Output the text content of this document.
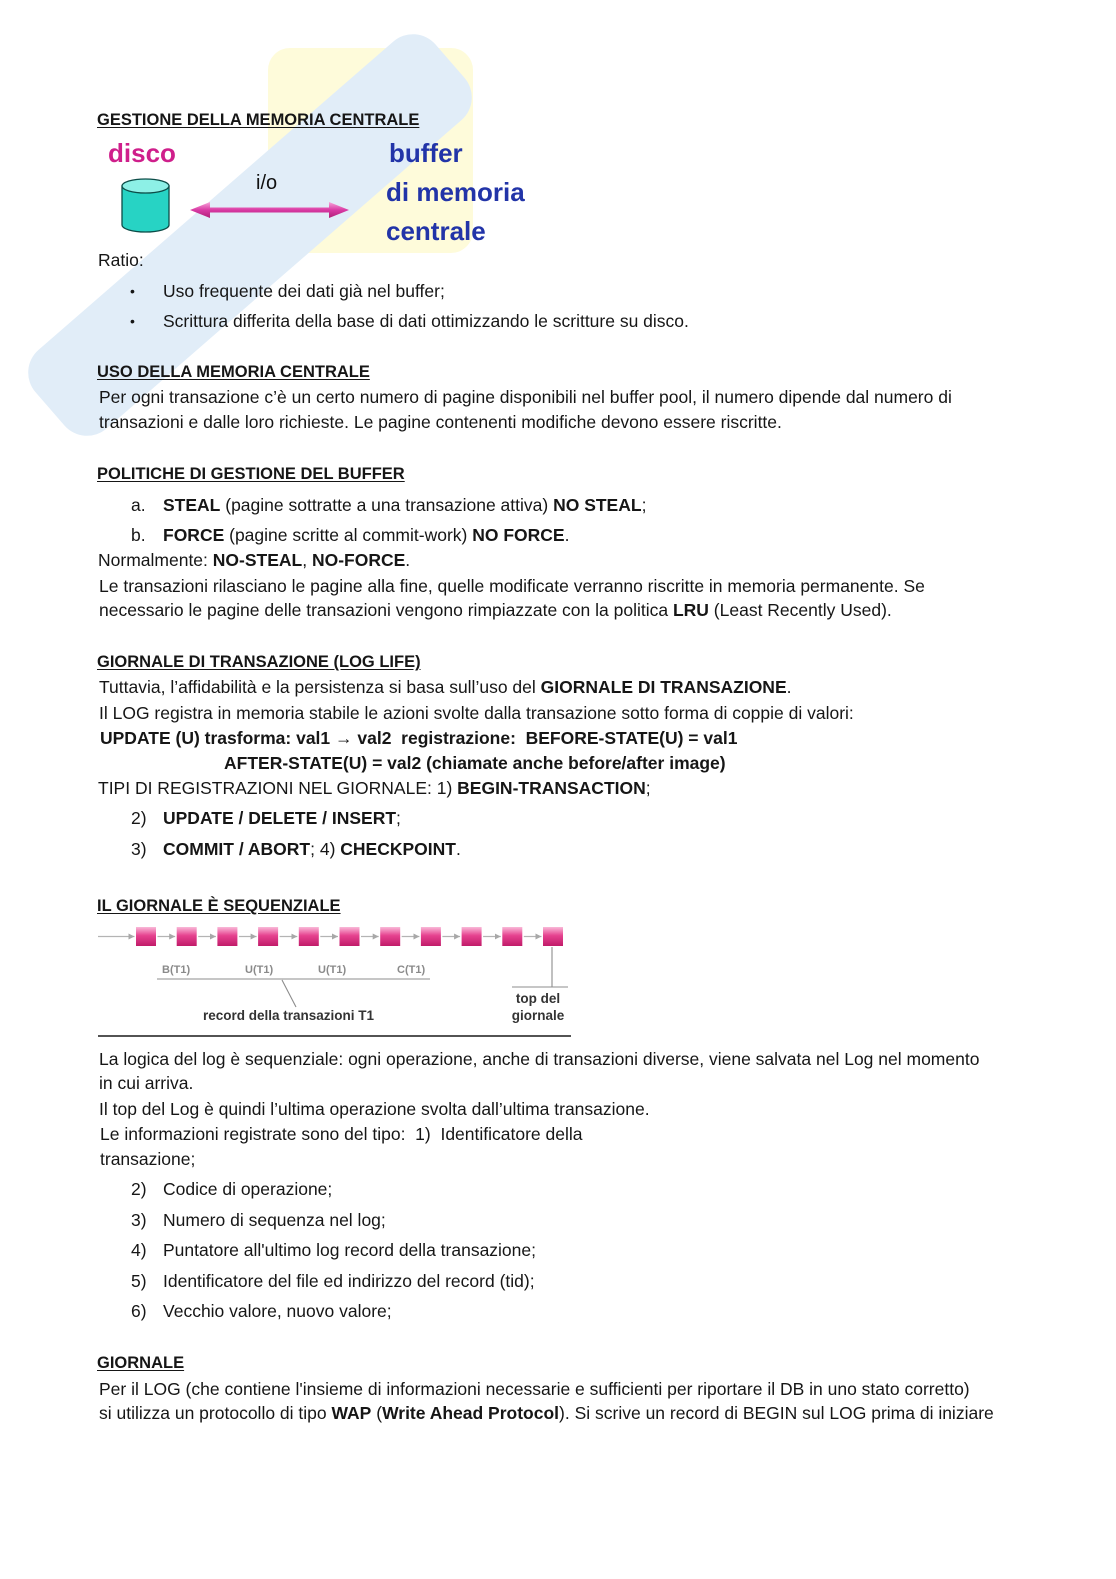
GESTIONE DELLA MEMORIA CENTRALE
disco
i/o
buffer
di memoria
centrale
Ratio:
• Uso frequente dei dati già nel buffer;
• Scrittura differita della base di dati ottimizzando le scritture su disco.
USO DELLA MEMORIA CENTRALE
Per ogni transazione c’è un certo numero di pagine disponibili nel buffer pool, il numero dipende dal numero di
transazioni e dalle loro richieste. Le pagine contenenti modifiche devono essere riscritte.
POLITICHE DI GESTIONE DEL BUFFER
a. STEAL (pagine sottratte a una transazione attiva) NO STEAL;
b. FORCE (pagine scritte al commit-work) NO FORCE.
Normalmente: NO-STEAL, NO-FORCE.
Le transazioni rilasciano le pagine alla fine, quelle modificate verranno riscritte in memoria permanente. Se
necessario le pagine delle transazioni vengono rimpiazzate con la politica LRU (Least Recently Used).
GIORNALE DI TRANSAZIONE (LOG LIFE)
Tuttavia, l’affidabilità e la persistenza si basa sull’uso del GIORNALE DI TRANSAZIONE.
Il LOG registra in memoria stabile le azioni svolte dalla transazione sotto forma di coppie di valori:
UPDATE (U) trasforma: val1 → val2  registrazione:  BEFORE-STATE(U) = val1
AFTER-STATE(U) = val2 (chiamate anche before/after image)
TIPI DI REGISTRAZIONI NEL GIORNALE: 1) BEGIN-TRANSACTION;
2) UPDATE / DELETE / INSERT;
3) COMMIT / ABORT; 4) CHECKPOINT.
IL GIORNALE È SEQUENZIALE
B(T1)	U(T1)	U(T1)	C(T1)
record della transazioni T1
top del
giornale
La logica del log è sequenziale: ogni operazione, anche di transazioni diverse, viene salvata nel Log nel momento
in cui arriva.
Il top del Log è quindi l’ultima operazione svolta dall’ultima transazione.
Le informazioni registrate sono del tipo:  1)  Identificatore della
transazione;
2) Codice di operazione;
3) Numero di sequenza nel log;
4) Puntatore all'ultimo log record della transazione;
5) Identificatore del file ed indirizzo del record (tid);
6) Vecchio valore, nuovo valore;
GIORNALE
Per il LOG (che contiene l'insieme di informazioni necessarie e sufficienti per riportare il DB in uno stato corretto)
si utilizza un protocollo di tipo WAP (Write Ahead Protocol). Si scrive un record di BEGIN sul LOG prima di iniziare
